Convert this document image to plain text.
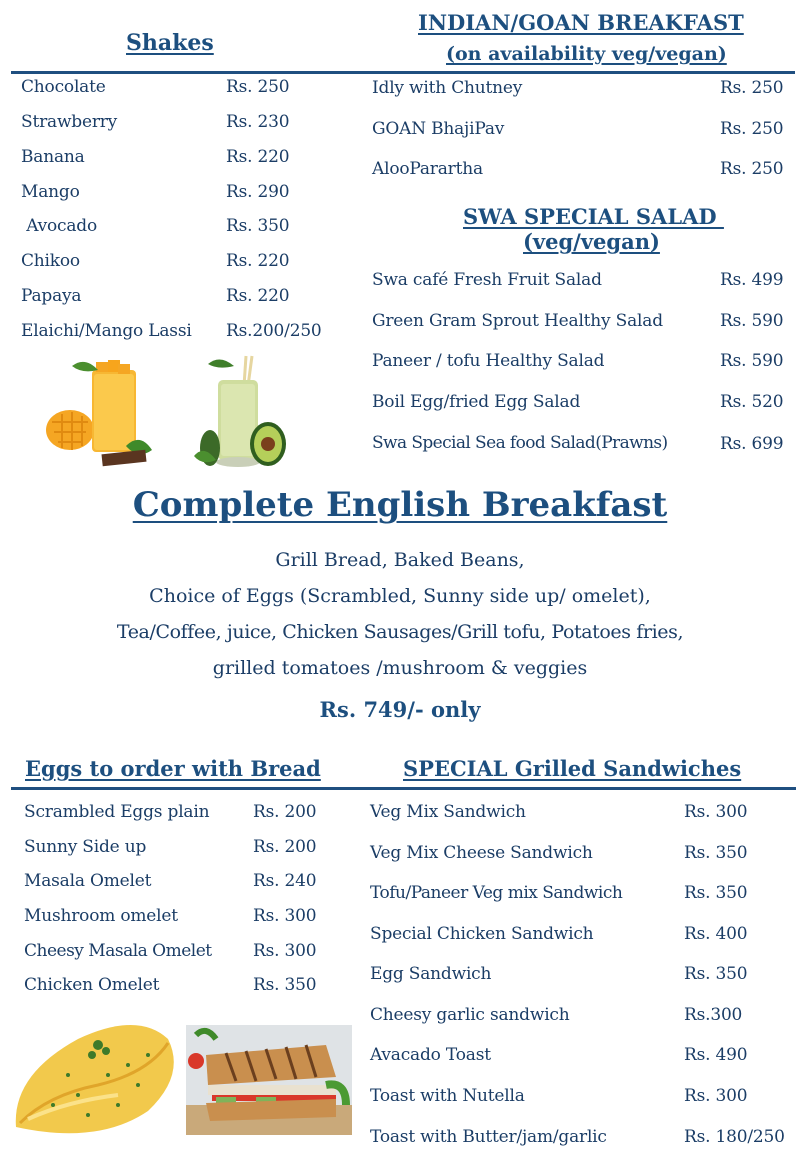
Shakes
Chocolate	Rs. 250
Strawberry	Rs. 230
Banana	Rs. 220
Mango	Rs. 290
Avocado	Rs. 350
Chikoo	Rs. 220
Papaya	Rs. 220
Elaichi/Mango Lassi Rs.200/250
INDIAN/GOAN BREAKFAST
(on availability veg/vegan)
Idly with Chutney	Rs. 250
GOAN BhajiPav	Rs. 250
AlooParartha	Rs. 250
SWA SPECIAL SALAD
(veg/vegan)
Swa café Fresh Fruit Salad	Rs. 499
Green Gram Sprout Healthy Salad	Rs. 590
Paneer / tofu Healthy Salad	Rs. 590
Boil Egg/fried Egg Salad	Rs. 520
Swa Special Sea food Salad(Prawns)	Rs. 699
Complete English Breakfast
Grill Bread, Baked Beans,
Choice of Eggs (Scrambled, Sunny side up/ omelet),
Tea/Coffee, juice, Chicken Sausages/Grill tofu, Potatoes fries,
grilled tomatoes /mushroom & veggies
Rs. 749/- only
Eggs to order with Bread
Scrambled Eggs plain	Rs. 200
Sunny Side up	Rs. 200
Masala Omelet	Rs. 240
Mushroom omelet	Rs. 300
Cheesy Masala Omelet Rs. 300
Chicken Omelet	Rs. 350
SPECIAL Grilled Sandwiches
Veg Mix Sandwich	Rs. 300
Veg Mix Cheese Sandwich	Rs. 350
Tofu/Paneer Veg mix Sandwich	Rs. 350
Special Chicken Sandwich	Rs. 400
Egg Sandwich	Rs. 350
Cheesy garlic sandwich	Rs.300
Avacado Toast	Rs. 490
Toast with Nutella	Rs. 300
Toast with Butter/jam/garlic	Rs. 180/250
